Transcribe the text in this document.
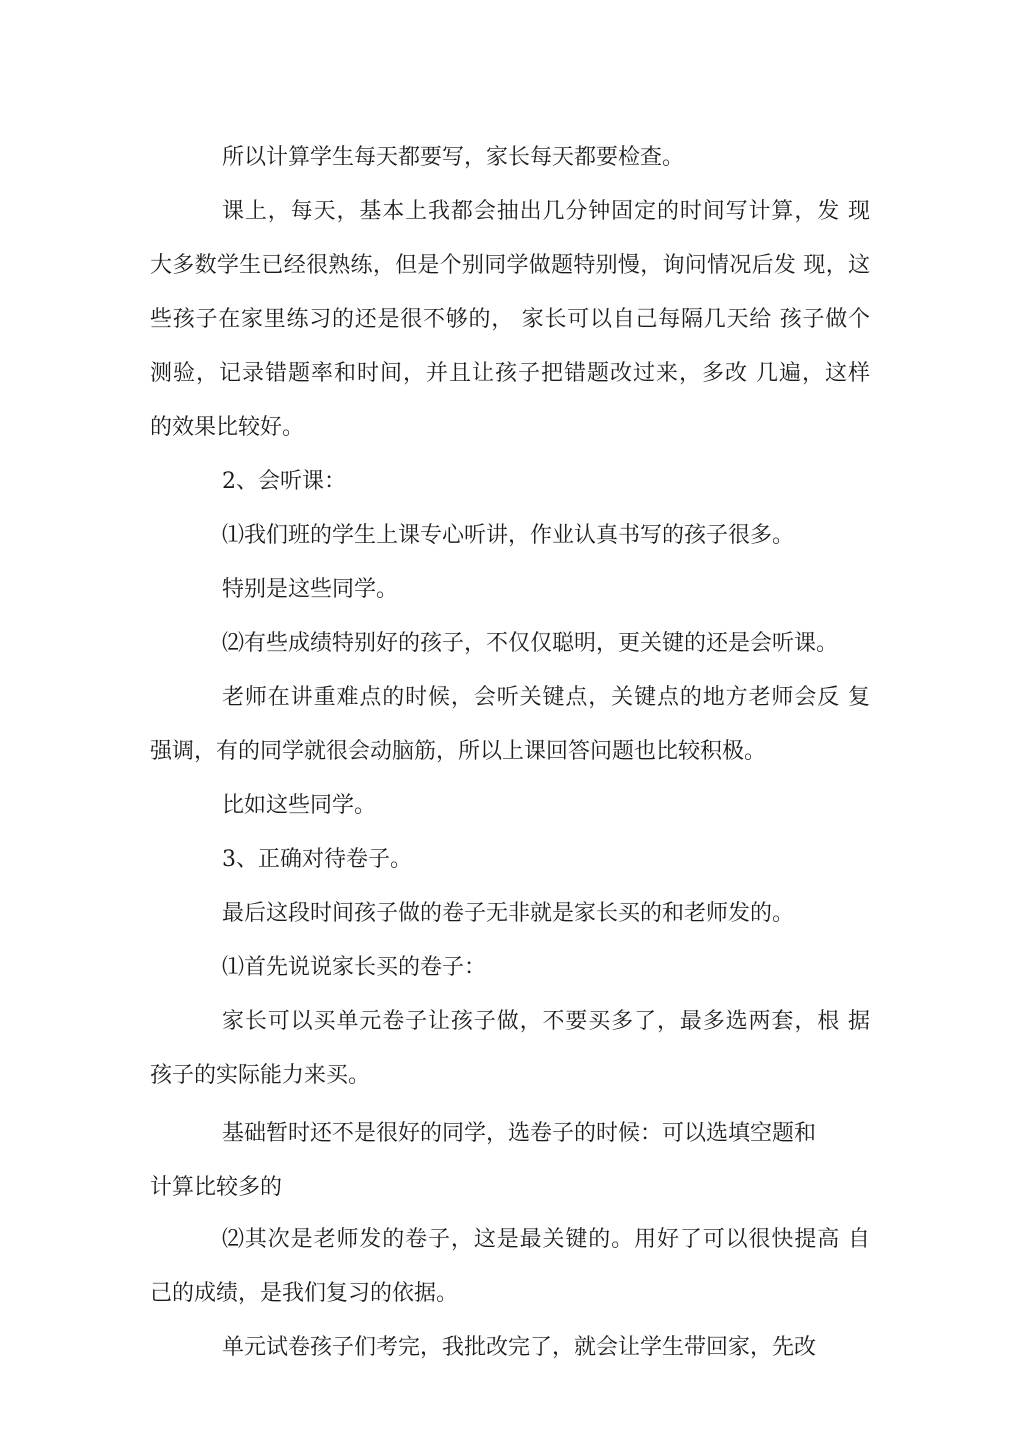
所以计算学生每天都要写，家长每天都要检查。

课上，每天，基本上我都会抽出几分钟固定的时间写计算，发 现

大多数学生已经很熟练，但是个别同学做题特别慢，询问情况后发 现，这

些孩子在家里练习的还是很不够的， 家长可以自己每隔几天给 孩子做个

测验，记录错题率和时间，并且让孩子把错题改过来，多改 几遍，这样

的效果比较好。

2、会听课：

⑴我们班的学生上课专心听讲，作业认真书写的孩子很多。

特别是这些同学。

⑵有些成绩特别好的孩子，不仅仅聪明，更关键的还是会听课。

老师在讲重难点的时候，会听关键点，关键点的地方老师会反 复

强调，有的同学就很会动脑筋，所以上课回答问题也比较积极。

比如这些同学。

3、正确对待卷子。

最后这段时间孩子做的卷子无非就是家长买的和老师发的。

⑴首先说说家长买的卷子：

家长可以买单元卷子让孩子做，不要买多了，最多选两套，根 据

孩子的实际能力来买。

基础暂时还不是很好的同学，选卷子的时候：可以选填空题和

计算比较多的

⑵其次是老师发的卷子，这是最关键的。用好了可以很快提高 自

己的成绩，是我们复习的依据。

单元试卷孩子们考完，我批改完了，就会让学生带回家，先改
